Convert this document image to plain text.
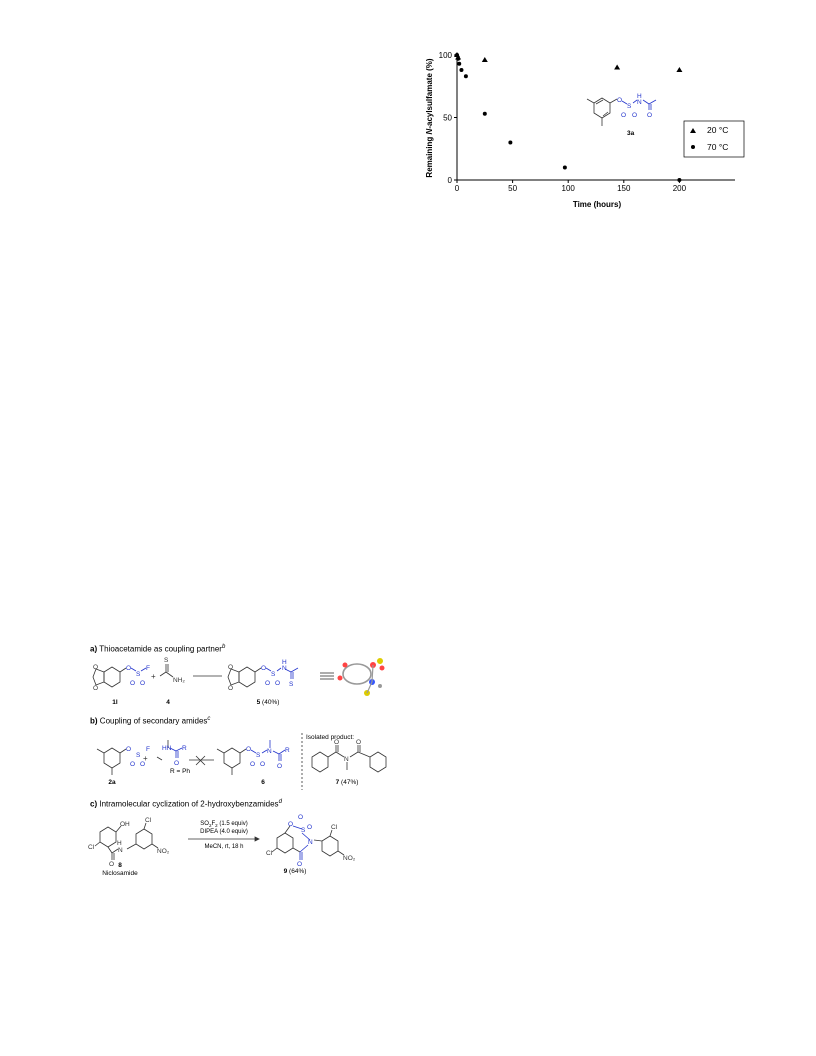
0	50	100	150	200
0
50
100
Remaining N-acylsulfamate (%)
Time (hours)
O
S
O O
H
N
O
3a	20 °C
70 °C
a) Thioacetamide as coupling partner$^b$
O
S
O O
F	O
S
O O
H
N
S
O
O
O
O
S
NH₂
+
1l	4	5 (40%)
b) Coupling of secondary amides$^c$
O
S
O O
F HN
O
R	O
S
O O
N
O
R
+
O	O
N
Isolated product:
R = Ph
2a	6	7 (47%)
c) Intramolecular cyclization of 2-hydroxybenzamides$^d$
OH
Cl	N
H
O
Cl
NO₂	Cl
Cl
NO₂
O
O
S O
N
O
$SO_2F_2$ (1.5 equiv)
DIPEA (4.0 equiv)
MeCN, rt, 18 h
8
Niclosamide	9 (64%)
